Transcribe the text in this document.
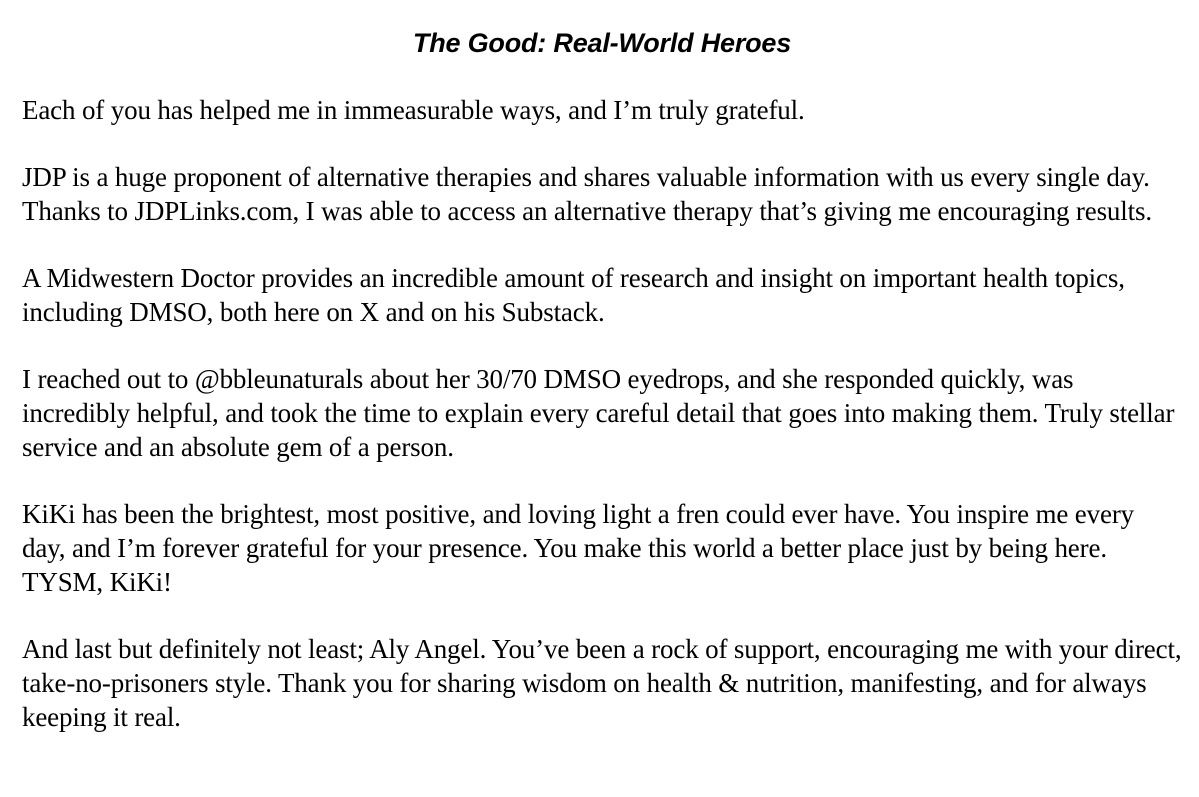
The Good: Real-World Heroes

Each of you has helped me in immeasurable ways, and I’m truly grateful.

JDP is a huge proponent of alternative therapies and shares valuable information with us every single day. Thanks to JDPLinks.com, I was able to access an alternative therapy that’s giving me encouraging results.

A Midwestern Doctor provides an incredible amount of research and insight on important health topics, including DMSO, both here on X and on his Substack.

I reached out to @bbleunaturals about her 30/70 DMSO eyedrops, and she responded quickly, was incredibly helpful, and took the time to explain every careful detail that goes into making them. Truly stellar service and an absolute gem of a person.

KiKi has been the brightest, most positive, and loving light a fren could ever have. You inspire me every day, and I’m forever grateful for your presence. You make this world a better place just by being here. TYSM, KiKi!

And last but definitely not least; Aly Angel. You’ve been a rock of support, encouraging me with your direct, take-no-prisoners style. Thank you for sharing wisdom on health & nutrition, manifesting, and for always keeping it real.
